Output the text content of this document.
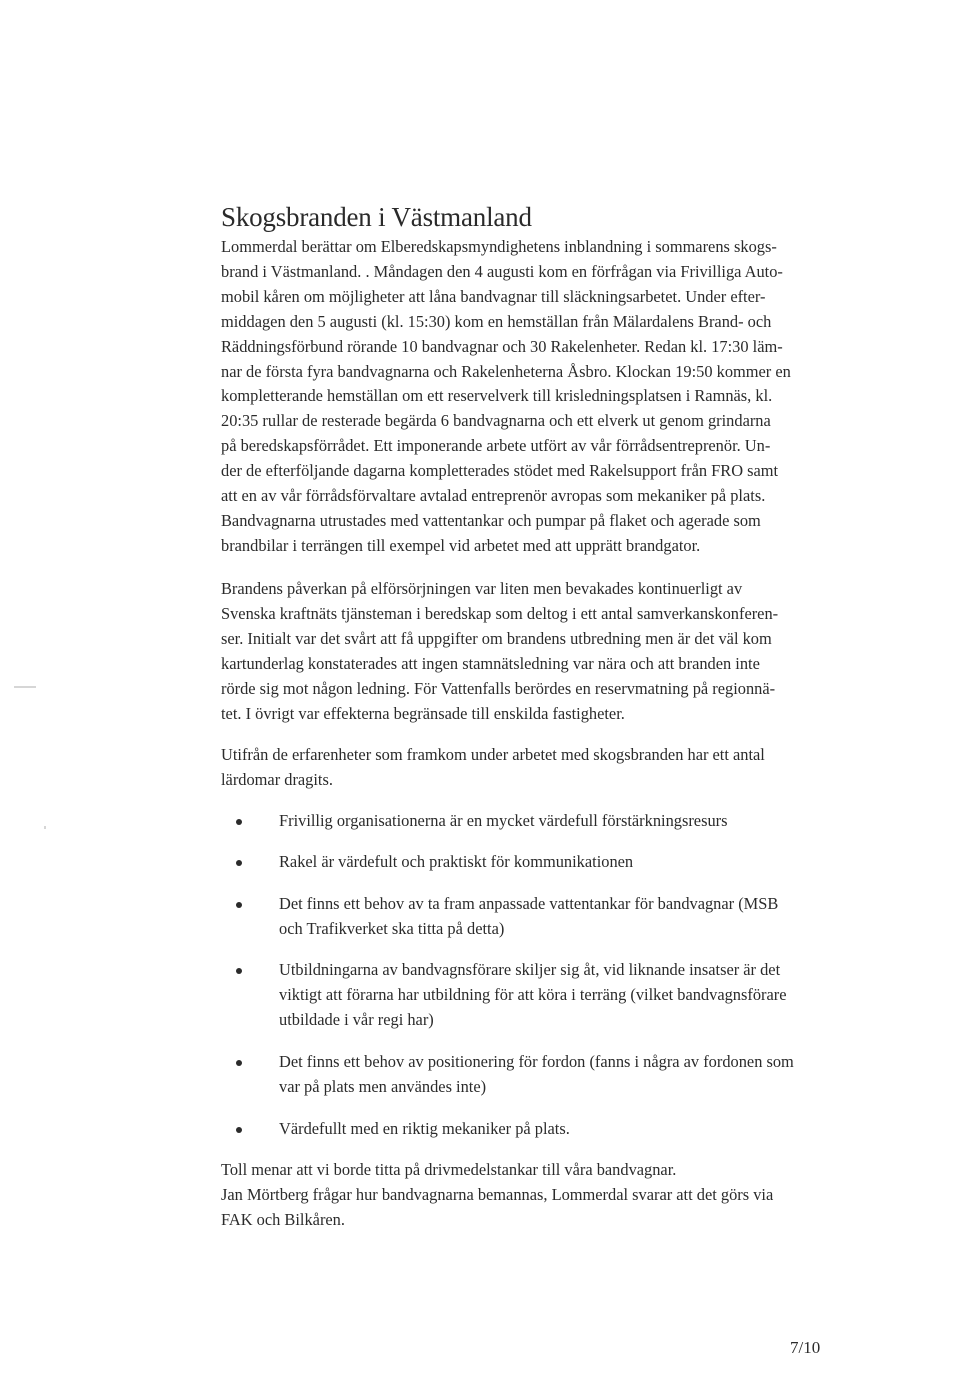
Skogsbranden i Västmanland
Lommerdal berättar om Elberedskapsmyndighetens inblandning i sommarens skogs-
brand i Västmanland. . Måndagen den 4 augusti kom en förfrågan via Frivilliga Auto-
mobil kåren om möjligheter att låna bandvagnar till släckningsarbetet. Under efter-
middagen den 5 augusti (kl. 15:30) kom en hemställan från Mälardalens Brand- och
Räddningsförbund rörande 10 bandvagnar och 30 Rakelenheter. Redan kl. 17:30 läm-
nar de första fyra bandvagnarna och Rakelenheterna Åsbro. Klockan 19:50 kommer en
kompletterande hemställan om ett reservelverk till krisledningsplatsen i Ramnäs, kl.
20:35 rullar de resterade begärda 6 bandvagnarna och ett elverk ut genom grindarna
på beredskapsförrådet. Ett imponerande arbete utfört av vår förrådsentreprenör. Un-
der de efterföljande dagarna kompletterades stödet med Rakelsupport från FRO samt
att en av vår förrådsförvaltare avtalad entreprenör avropas som mekaniker på plats.
Bandvagnarna utrustades med vattentankar och pumpar på flaket och agerade som
brandbilar i terrängen till exempel vid arbetet med att upprätt brandgator.
Brandens påverkan på elförsörjningen var liten men bevakades kontinuerligt av
Svenska kraftnäts tjänsteman i beredskap som deltog i ett antal samverkanskonferen-
ser. Initialt var det svårt att få uppgifter om brandens utbredning men är det väl kom
kartunderlag konstaterades att ingen stamnätsledning var nära och att branden inte
rörde sig mot någon ledning. För Vattenfalls berördes en reservmatning på regionnä-
tet. I övrigt var effekterna begränsade till enskilda fastigheter.
Utifrån de erfarenheter som framkom under arbetet med skogsbranden har ett antal
lärdomar dragits.
Frivillig organisationerna är en mycket värdefull förstärkningsresurs
Rakel är värdefult och praktiskt för kommunikationen
Det finns ett behov av ta fram anpassade vattentankar för bandvagnar (MSB
och Trafikverket ska titta på detta)
Utbildningarna av bandvagnsförare skiljer sig åt, vid liknande insatser är det
viktigt att förarna har utbildning för att köra i terräng (vilket bandvagnsförare
utbildade i vår regi har)
Det finns ett behov av positionering för fordon (fanns i några av fordonen som
var på plats men användes inte)
Värdefullt med en riktig mekaniker på plats.
Toll menar att vi borde titta på drivmedelstankar till våra bandvagnar.
Jan Mörtberg frågar hur bandvagnarna bemannas, Lommerdal svarar att det görs via
FAK och Bilkåren.
7/10
